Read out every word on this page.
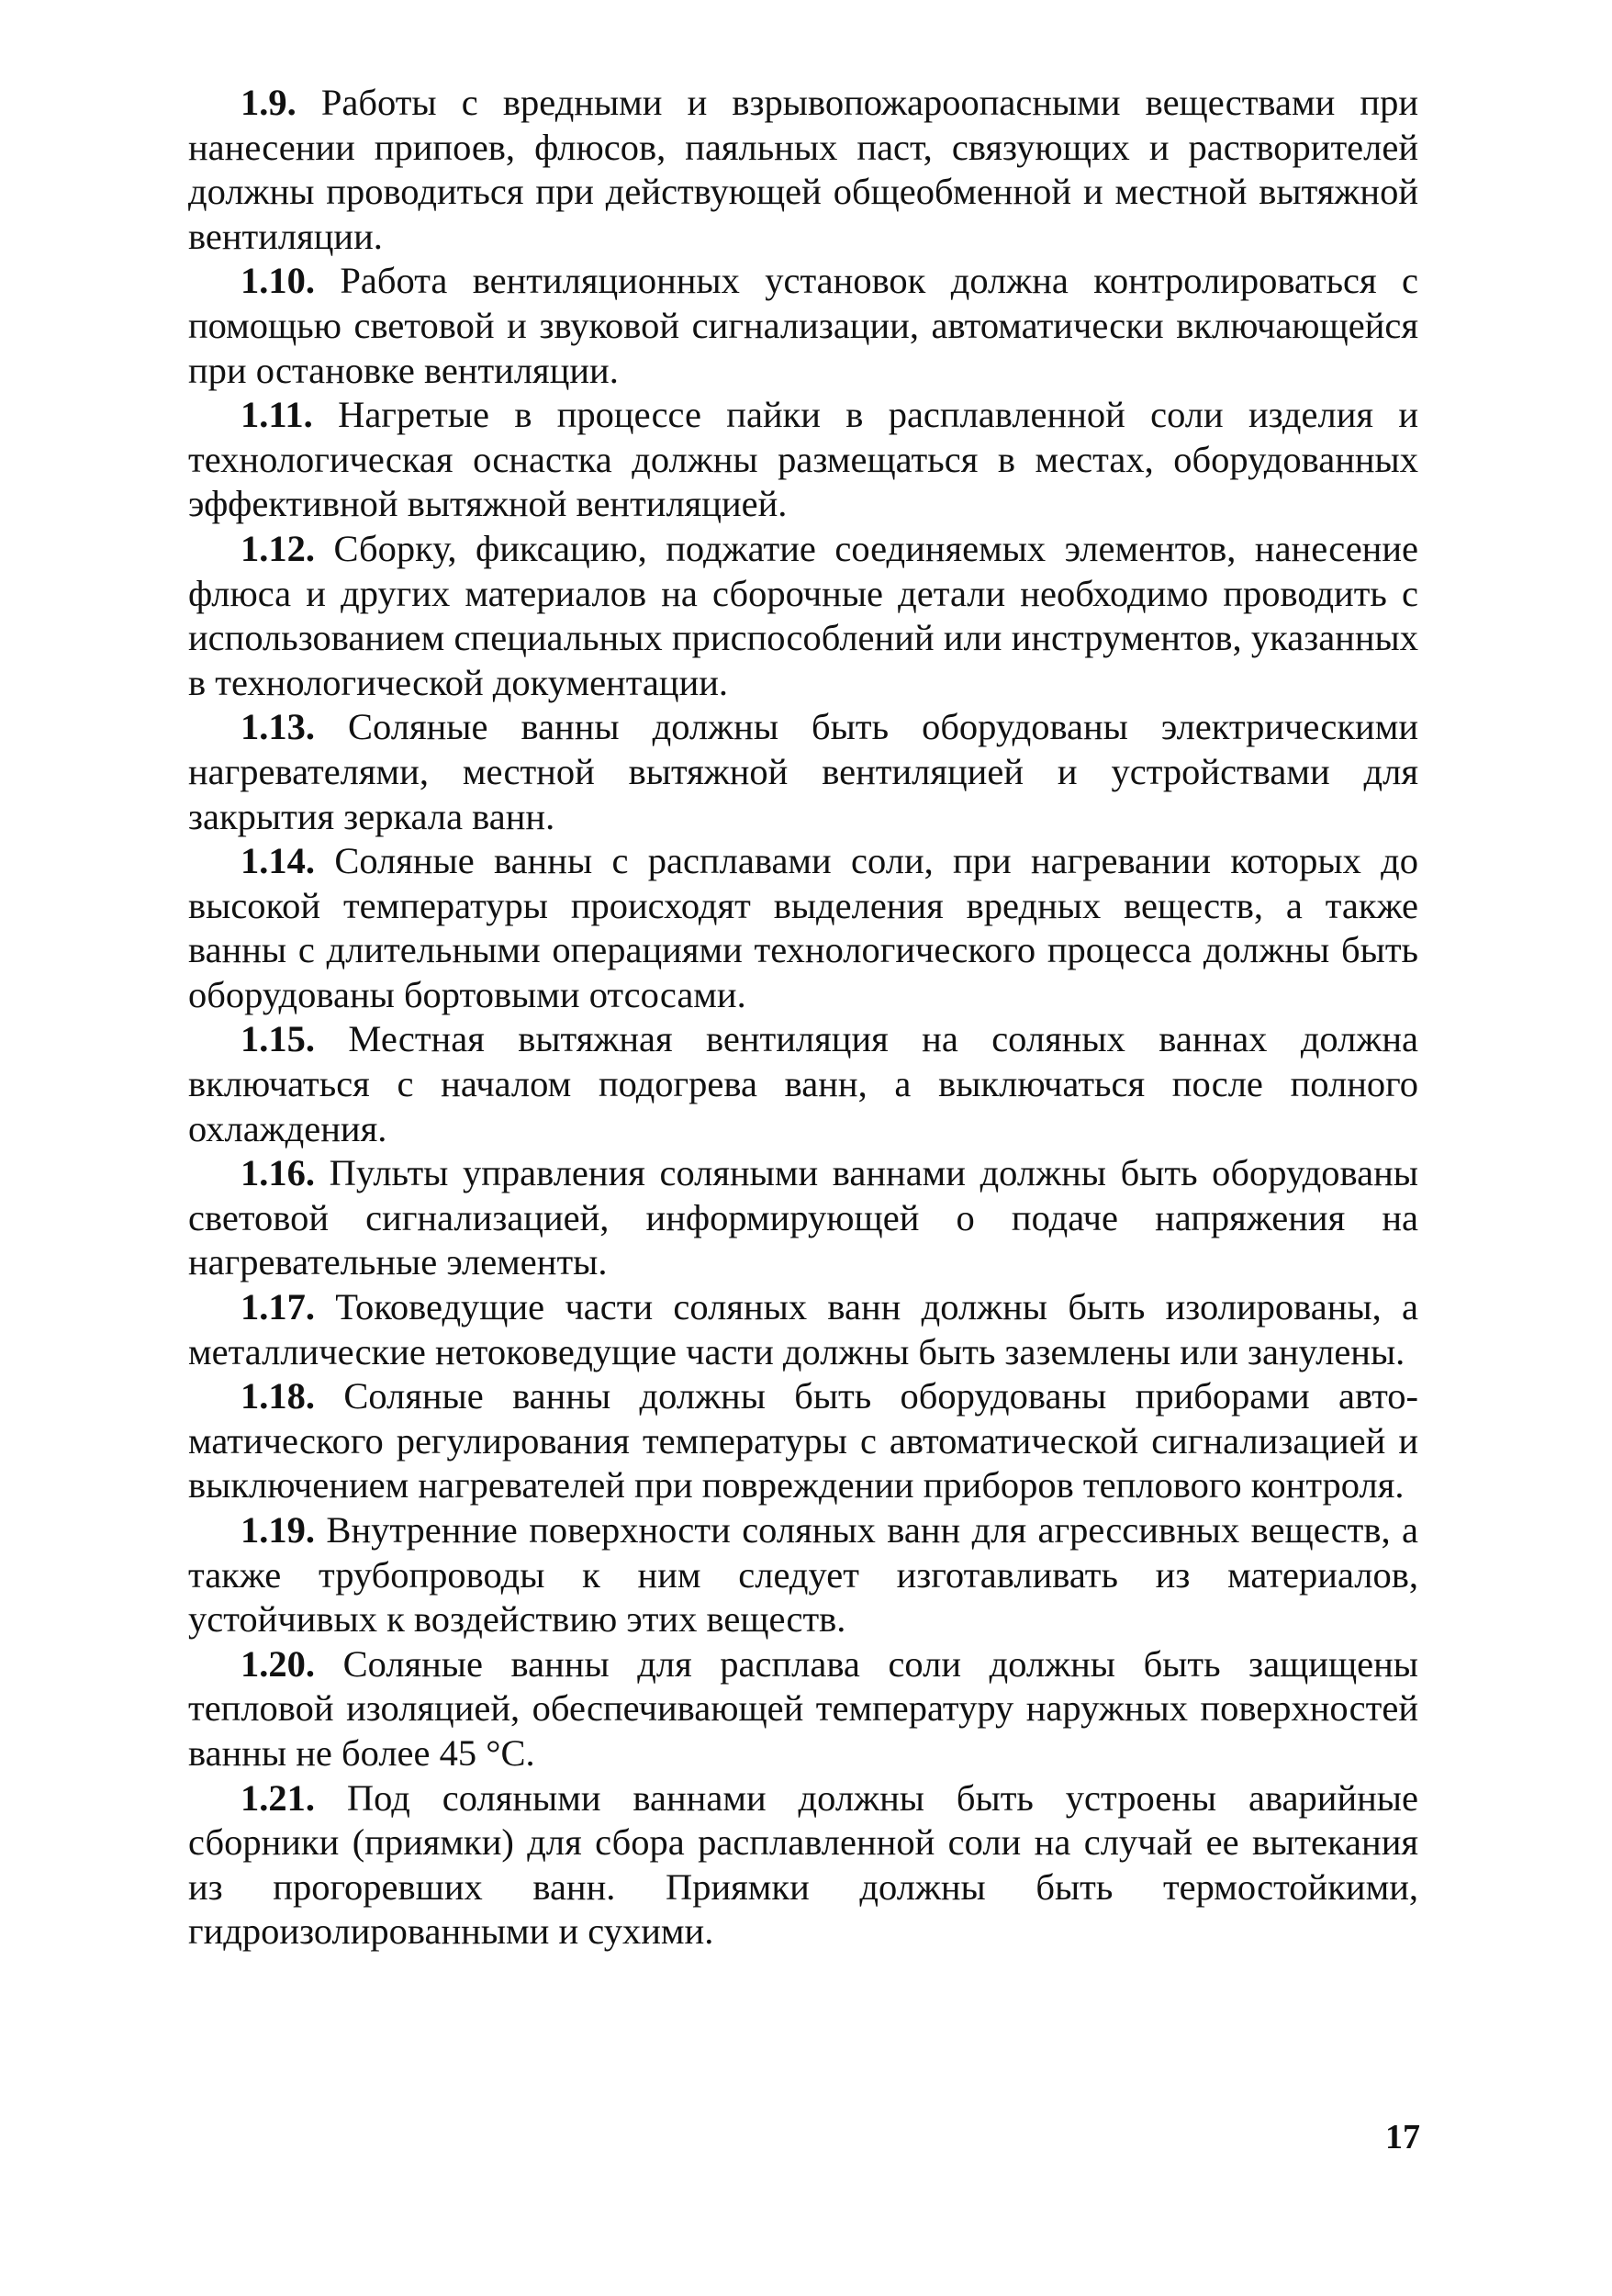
1.9. Работы с вредными и взрывопожароопасными веществами при нанесении припоев, флюсов, паяльных паст, связующих и растворителей должны проводиться при действующей общеобменной и местной вытяжной вентиляции.

1.10. Работа вентиляционных установок должна контролироваться с помощью световой и звуковой сигнализации, автоматически включающейся при остановке вентиляции.

1.11. Нагретые в процессе пайки в расплавленной соли изделия и технологическая оснастка должны размещаться в местах, оборудованных эффективной вытяжной вентиляцией.

1.12. Сборку, фиксацию, поджатие соединяемых элементов, нанесение флюса и других материалов на сборочные детали необходимо проводить с использованием специальных приспособлений или инструментов, указанных в технологической документации.

1.13. Соляные ванны должны быть оборудованы электрическими нагревателями, местной вытяжной вентиляцией и устройствами для закрытия зеркала ванн.

1.14. Соляные ванны с расплавами соли, при нагревании которых до высокой температуры происходят выделения вредных веществ, а также ванны с длительными операциями технологического процесса должны быть оборудованы бортовыми отсосами.

1.15. Местная вытяжная вентиляция на соляных ваннах должна включаться с началом подогрева ванн, а выключаться после полного охлаждения.

1.16. Пульты управления соляными ваннами должны быть оборудованы световой сигнализацией, информирующей о подаче напряжения на нагревательные элементы.

1.17. Токоведущие части соляных ванн должны быть изолированы, а металлические нетоковедущие части должны быть заземлены или занулены.

1.18. Соляные ванны должны быть оборудованы приборами автоматического регулирования температуры с автоматической сигнализацией и выключением нагревателей при повреждении приборов теплового контроля.

1.19. Внутренние поверхности соляных ванн для агрессивных веществ, а также трубопроводы к ним следует изготавливать из материалов, устойчивых к воздействию этих веществ.

1.20. Соляные ванны для расплава соли должны быть защищены тепловой изоляцией, обеспечивающей температуру наружных поверхностей ванны не более 45 °С.

1.21. Под соляными ваннами должны быть устроены аварийные сборники (приямки) для сбора расплавленной соли на случай ее вытекания из прогоревших ванн. Приямки должны быть термостойкими, гидроизолированными и сухими.

17
